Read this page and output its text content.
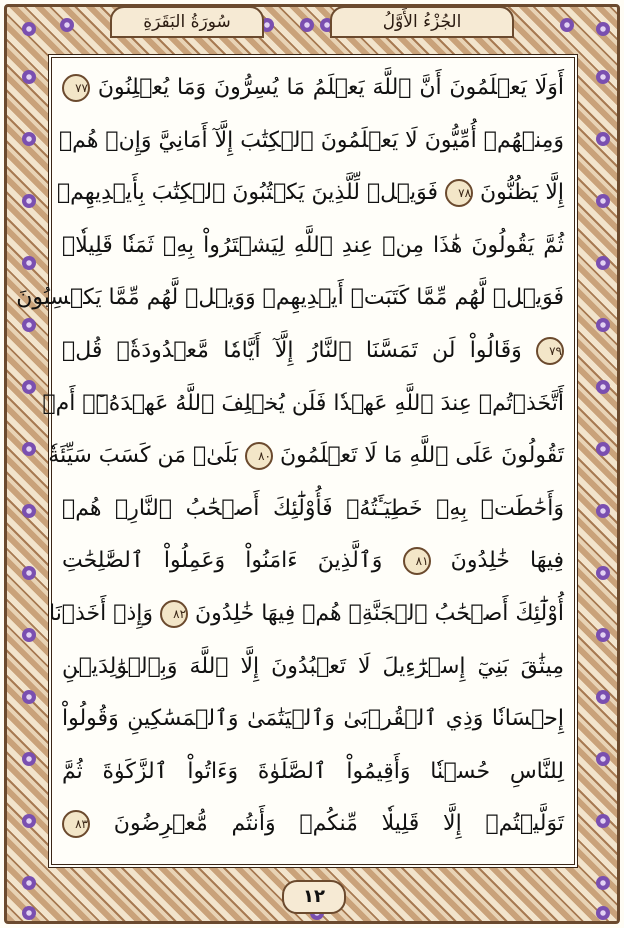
الجُزْءُ الأَوَّلُ
سُورَةُ البَقَرَةِ
أَوَلَا يَعۡلَمُونَ أَنَّ ٱللَّهَ يَعۡلَمُ مَا يُسِرُّونَ وَمَا يُعۡلِنُونَ ٧٧
وَمِنۡهُمۡ أُمِّيُّونَ لَا يَعۡلَمُونَ ٱلۡكِتَٰبَ إِلَّآ أَمَانِيَّ وَإِنۡ هُمۡ
إِلَّا يَظُنُّونَ ٧٨ فَوَيۡلٞ لِّلَّذِينَ يَكۡتُبُونَ ٱلۡكِتَٰبَ بِأَيۡدِيهِمۡ
ثُمَّ يَقُولُونَ هَٰذَا مِنۡ عِندِ ٱللَّهِ لِيَشۡتَرُواْ بِهِۦ ثَمَنٗا قَلِيلٗاۖ
فَوَيۡلٞ لَّهُم مِّمَّا كَتَبَتۡ أَيۡدِيهِمۡ وَوَيۡلٞ لَّهُم مِّمَّا يَكۡسِبُونَ
٧٩ وَقَالُواْ لَن تَمَسَّنَا ٱلنَّارُ إِلَّآ أَيَّامٗا مَّعۡدُودَةٗۚ قُلۡ
أَتَّخَذۡتُمۡ عِندَ ٱللَّهِ عَهۡدٗا فَلَن يُخۡلِفَ ٱللَّهُ عَهۡدَهُۥٓۖ أَمۡ
تَقُولُونَ عَلَى ٱللَّهِ مَا لَا تَعۡلَمُونَ ٨٠ بَلَىٰۚ مَن كَسَبَ سَيِّئَةٗ
وَأَحَٰطَتۡ بِهِۦ خَطِيٓـَٔتُهُۥ فَأُوْلَٰٓئِكَ أَصۡحَٰبُ ٱلنَّارِۖ هُمۡ
فِيهَا خَٰلِدُونَ ٨١ وَٱلَّذِينَ ءَامَنُواْ وَعَمِلُواْ ٱلصَّٰلِحَٰتِ
أُوْلَٰٓئِكَ أَصۡحَٰبُ ٱلۡجَنَّةِۖ هُمۡ فِيهَا خَٰلِدُونَ ٨٢ وَإِذۡ أَخَذۡنَا
مِيثَٰقَ بَنِيٓ إِسۡرَٰٓءِيلَ لَا تَعۡبُدُونَ إِلَّا ٱللَّهَ وَبِٱلۡوَٰلِدَيۡنِ
إِحۡسَانٗا وَذِي ٱلۡقُرۡبَىٰ وَٱلۡيَتَٰمَىٰ وَٱلۡمَسَٰكِينِ وَقُولُواْ
لِلنَّاسِ حُسۡنٗا وَأَقِيمُواْ ٱلصَّلَوٰةَ وَءَاتُواْ ٱلزَّكَوٰةَ ثُمَّ
تَوَلَّيۡتُمۡ إِلَّا قَلِيلٗا مِّنكُمۡ وَأَنتُم مُّعۡرِضُونَ ٨٣
١٢
